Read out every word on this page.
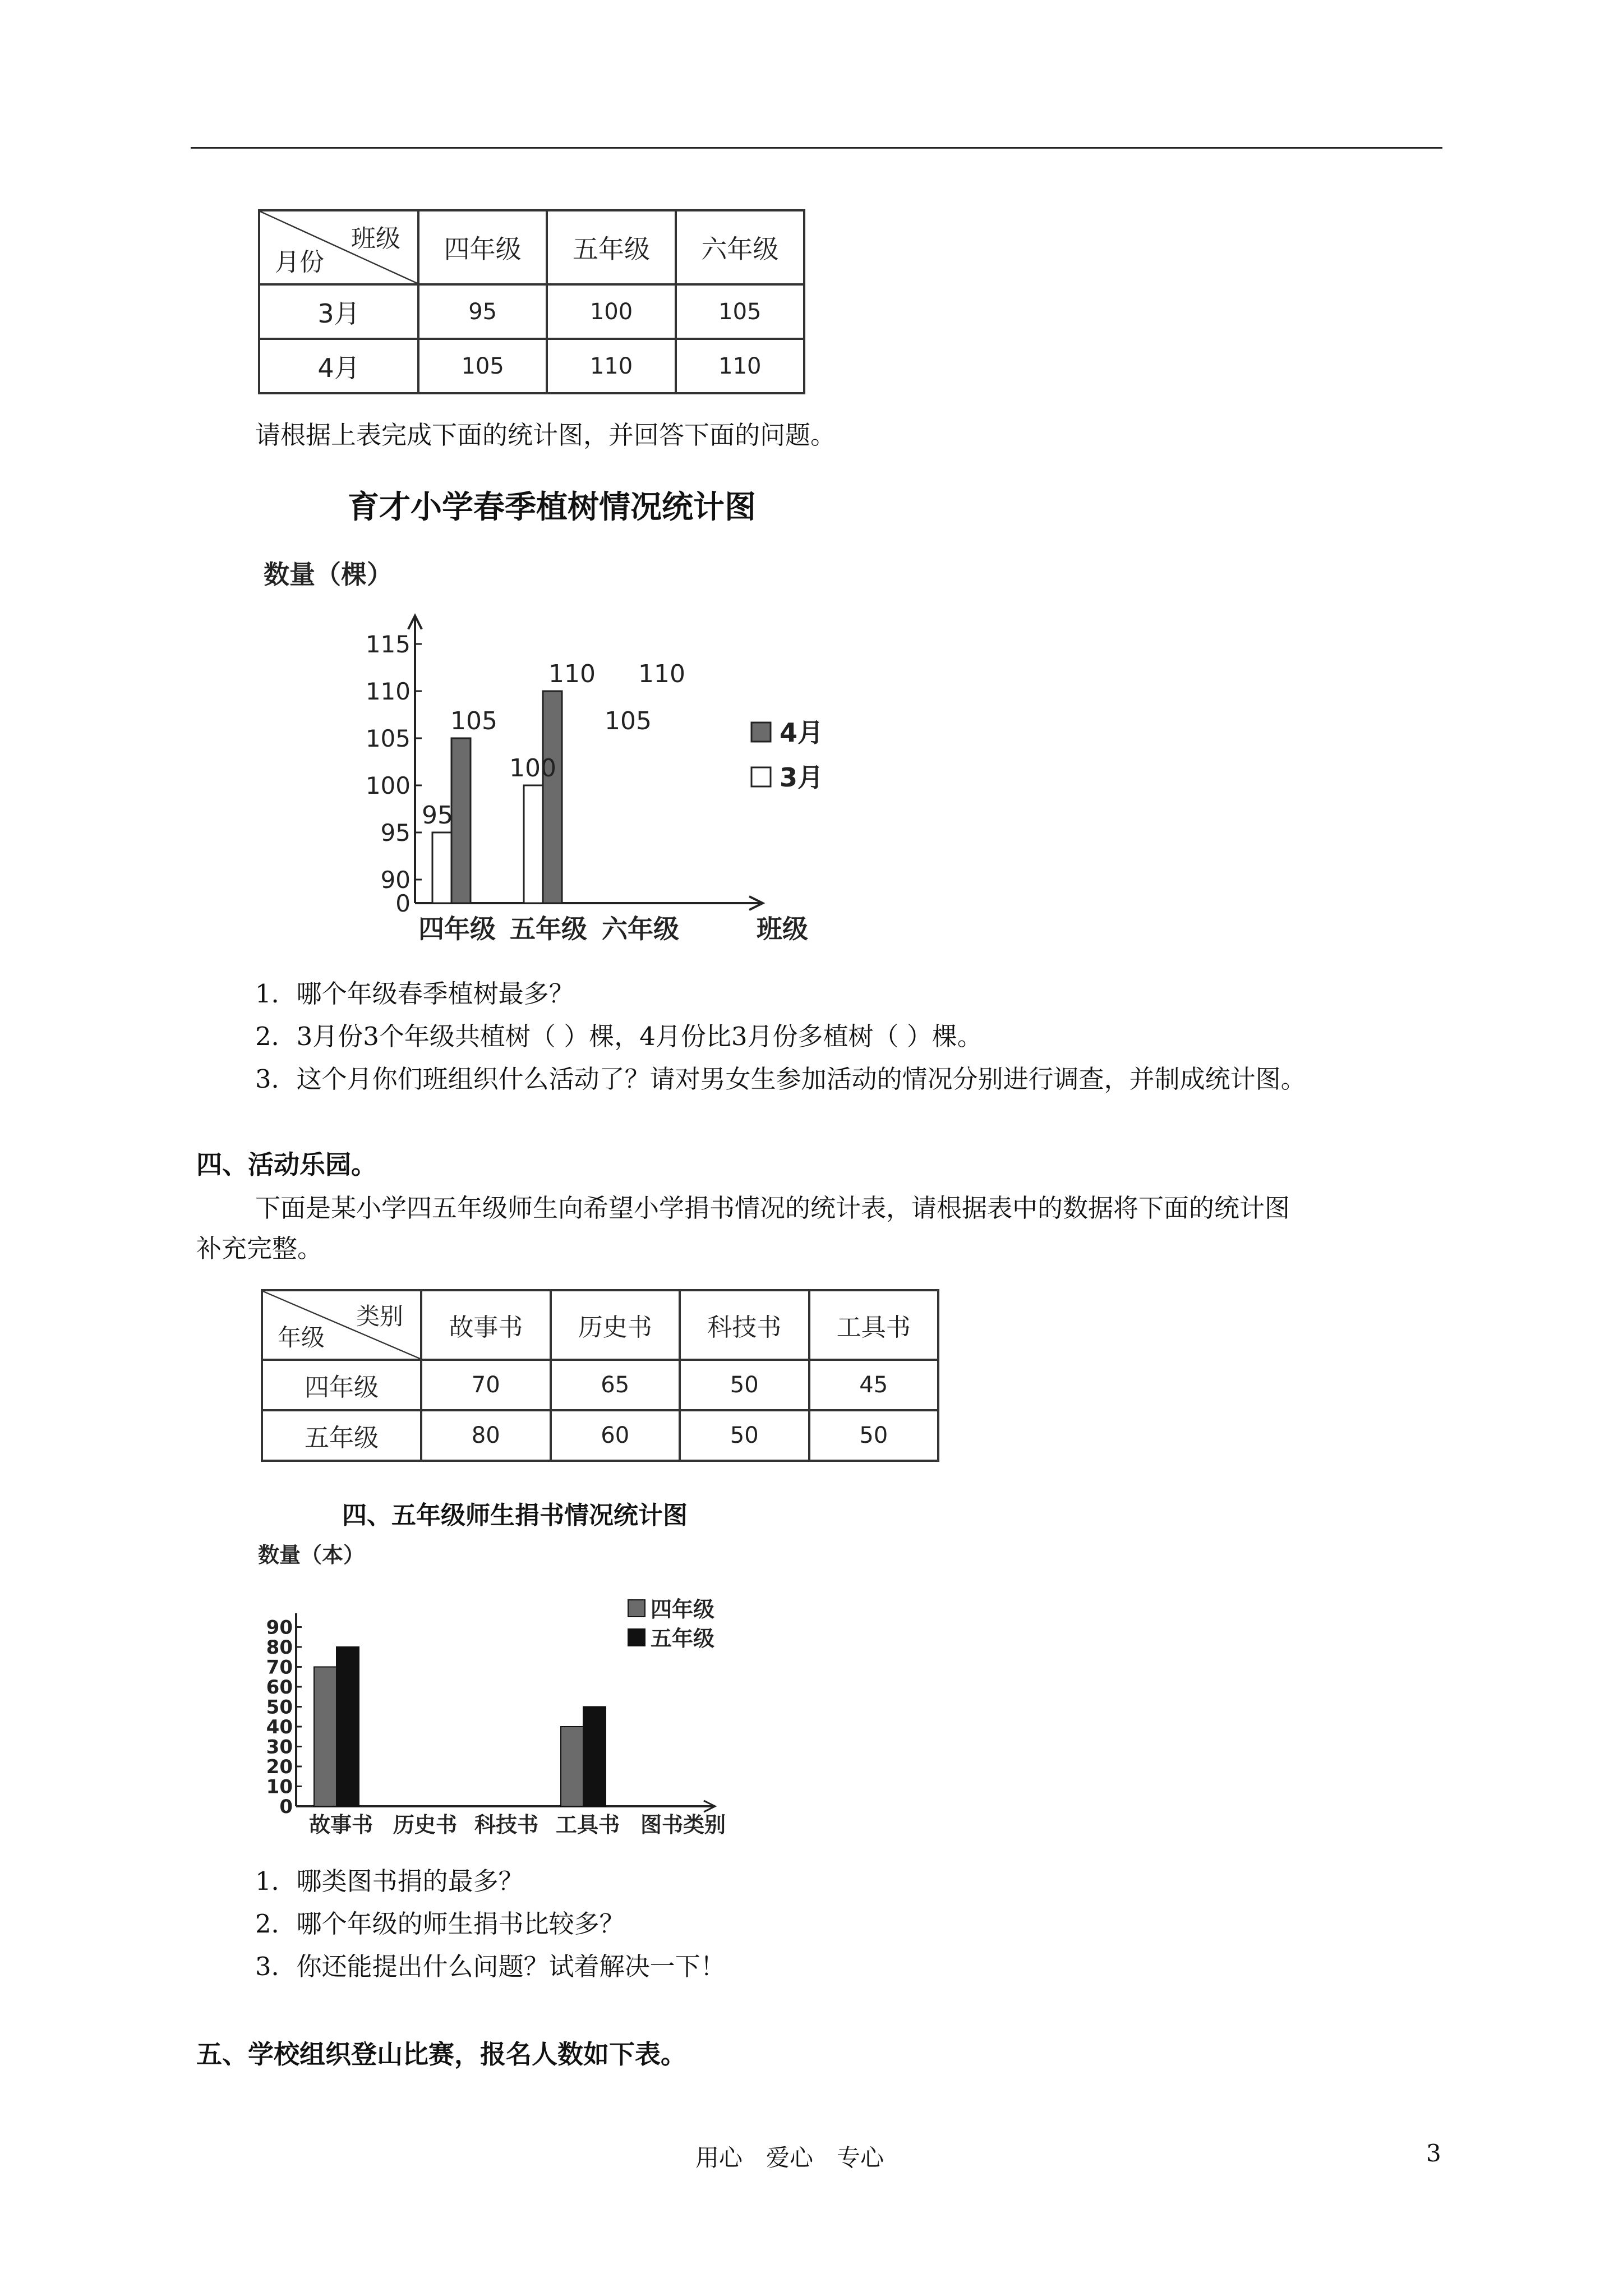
班级
月份	四年级	五年级	六年级
3月	95	100	105
4月	105	110	110
请根据上表完成下面的统计图，并回答下面的问题。
育才小学春季植树情况统计图
数量（棵）
0
90
95
100
105
110
115
四年级 五年级 六年级	班级
95
105
100
110
105
110
4月
3月
1．哪个年级春季植树最多？
2．3月份3个年级共植树（ ）棵，4月份比3月份多植树（ ）棵。
3．这个月你们班组织什么活动了？请对男女生参加活动的情况分别进行调查，并制成统计图。
四、活动乐园。
下面是某小学四五年级师生向希望小学捐书情况的统计表，请根据表中的数据将下面的统计图
补充完整。
类别
年级	故事书	历史书	科技书	工具书
四年级	70	65	50	45
五年级	80	60	50	50
四、五年级师生捐书情况统计图
数量（本）
0
10
20
30
40
50
60
70
80
90
故事书 历史书 科技书 工具书 图书类别
四年级
五年级
1．哪类图书捐的最多？
2．哪个年级的师生捐书比较多？
3．你还能提出什么问题？试着解决一下！
五、学校组织登山比赛，报名人数如下表。
用心　爱心　专心	3
